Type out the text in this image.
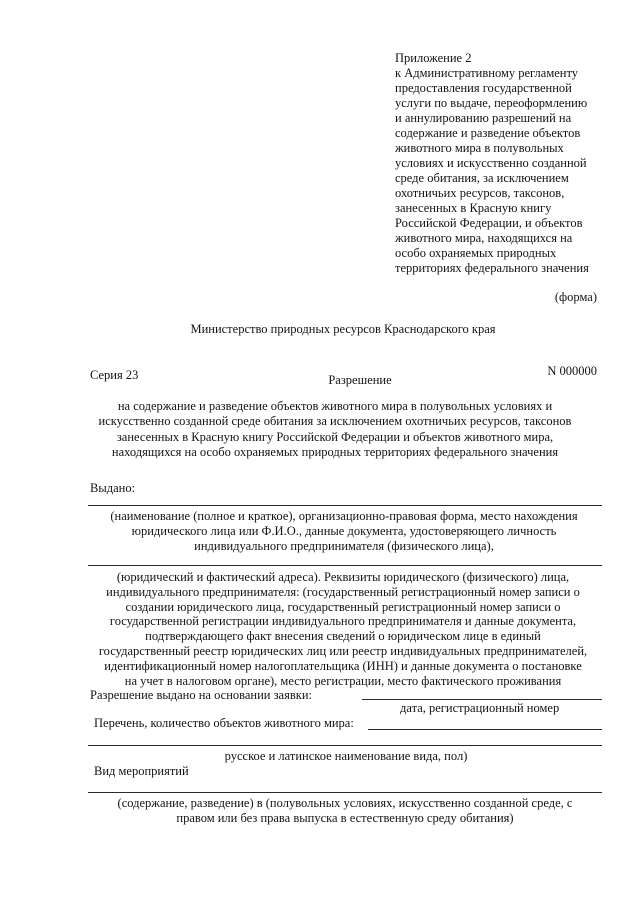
Приложение 2
к Административному регламенту
предоставления государственной
услуги по выдаче, переоформлению
и аннулированию разрешений на
содержание и разведение объектов
животного мира в полувольных
условиях и искусственно созданной
среде обитания, за исключением
охотничьих ресурсов, таксонов,
занесенных в Красную книгу
Российской Федерации, и объектов
животного мира, находящихся на
особо охраняемых природных
территориях федерального значения
(форма)
Министерство природных ресурсов Краснодарского края
Серия 23	N 000000
Разрешение
на содержание и разведение объектов животного мира в полувольных условиях и
искусственно созданной среде обитания за исключением охотничьих ресурсов, таксонов
занесенных в Красную книгу Российской Федерации и объектов животного мира,
находящихся на особо охраняемых природных территориях федерального значения
Выдано:
(наименование (полное и краткое), организационно-правовая форма, место нахождения
юридического лица или Ф.И.О., данные документа, удостоверяющего личность
индивидуального предпринимателя (физического лица),
(юридический и фактический адреса). Реквизиты юридического (физического) лица,
индивидуального предпринимателя: (государственный регистрационный номер записи о
создании юридического лица, государственный регистрационный номер записи о
государственной регистрации индивидуального предпринимателя и данные документа,
подтверждающего факт внесения сведений о юридическом лице в единый
государственный реестр юридических лиц или реестр индивидуальных предпринимателей,
идентификационный номер налогоплательщика (ИНН) и данные документа о постановке
на учет в налоговом органе), место регистрации, место фактического проживания
Разрешение выдано на основании заявки:
дата, регистрационный номер
Перечень, количество объектов животного мира:
русское и латинское наименование вида, пол)
Вид мероприятий
(содержание, разведение) в (полувольных условиях, искусственно созданной среде, с
правом или без права выпуска в естественную среду обитания)
